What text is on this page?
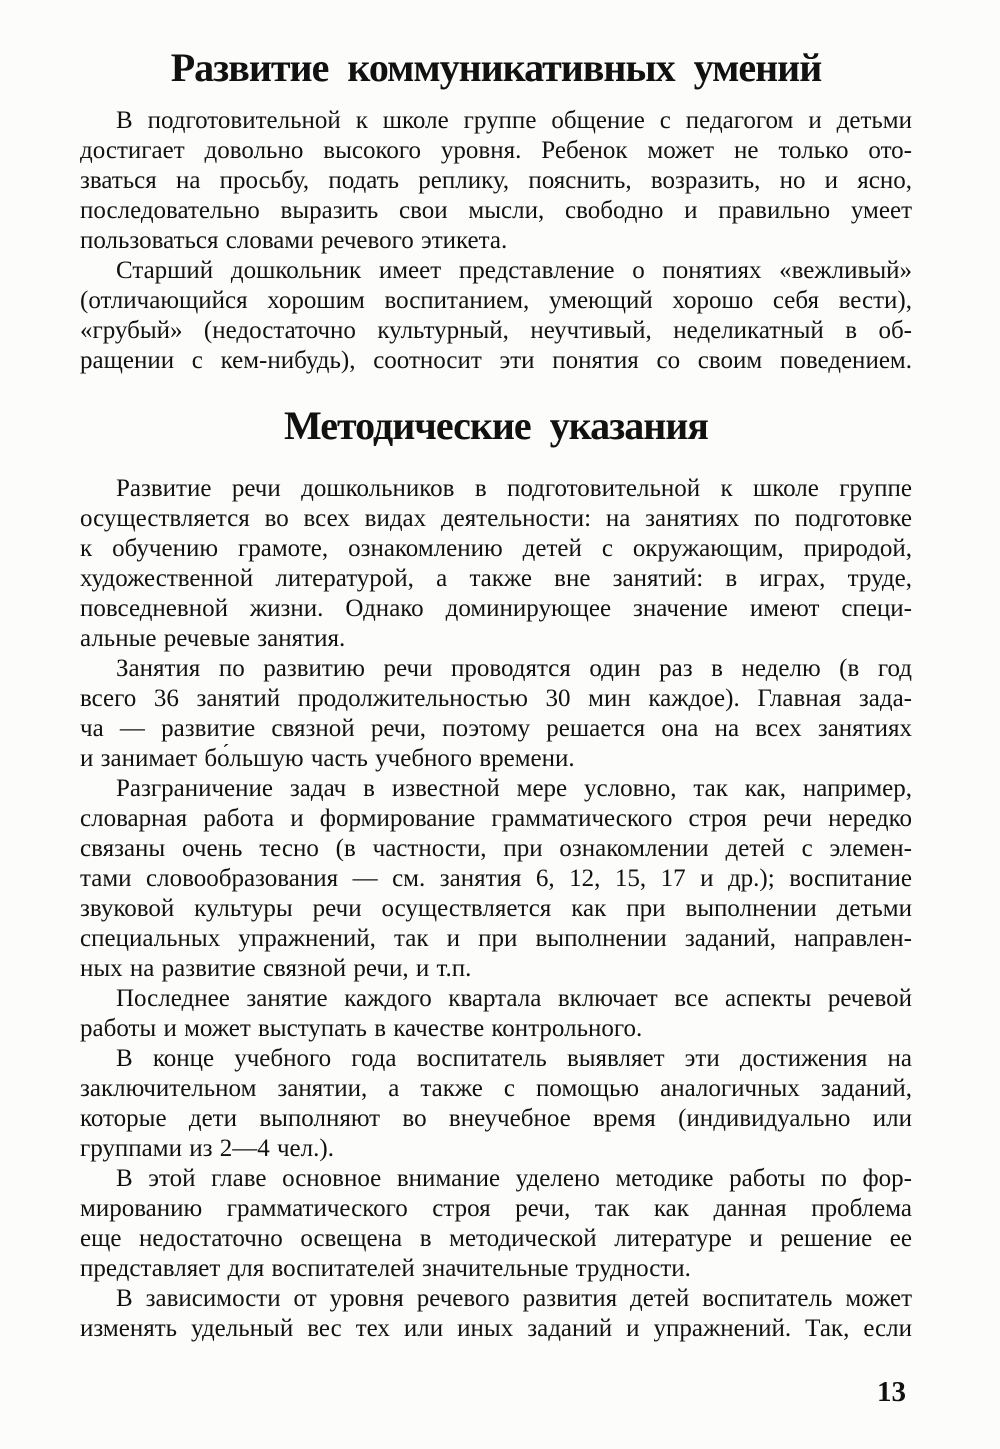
Развитие коммуникативных умений
В подготовительной к школе группе общение с педагогом и детьми
достигает довольно высокого уровня. Ребенок может не только ото-
зваться на просьбу, подать реплику, пояснить, возразить, но и ясно,
последовательно выразить свои мысли, свободно и правильно умеет
пользоваться словами речевого этикета.
Старший дошкольник имеет представление о понятиях «вежливый»
(отличающийся хорошим воспитанием, умеющий хорошо себя вести),
«грубый» (недостаточно культурный, неучтивый, неделикатный в об-
ращении с кем-нибудь), соотносит эти понятия со своим поведением.
Методические указания
Развитие речи дошкольников в подготовительной к школе группе
осуществляется во всех видах деятельности: на занятиях по подготовке
к обучению грамоте, ознакомлению детей с окружающим, природой,
художественной литературой, а также вне занятий: в играх, труде,
повседневной жизни. Однако доминирующее значение имеют специ-
альные речевые занятия.
Занятия по развитию речи проводятся один раз в неделю (в год
всего 36 занятий продолжительностью 30 мин каждое). Главная зада-
ча — развитие связной речи, поэтому решается она на всех занятиях
и занимает бо́льшую часть учебного времени.
Разграничение задач в известной мере условно, так как, например,
словарная работа и формирование грамматического строя речи нередко
связаны очень тесно (в частности, при ознакомлении детей с элемен-
тами словообразования — см. занятия 6, 12, 15, 17 и др.); воспитание
звуковой культуры речи осуществляется как при выполнении детьми
специальных упражнений, так и при выполнении заданий, направлен-
ных на развитие связной речи, и т.п.
Последнее занятие каждого квартала включает все аспекты речевой
работы и может выступать в качестве контрольного.
В конце учебного года воспитатель выявляет эти достижения на
заключительном занятии, а также с помощью аналогичных заданий,
которые дети выполняют во внеучебное время (индивидуально или
группами из 2—4 чел.).
В этой главе основное внимание уделено методике работы по фор-
мированию грамматического строя речи, так как данная проблема
еще недостаточно освещена в методической литературе и решение ее
представляет для воспитателей значительные трудности.
В зависимости от уровня речевого развития детей воспитатель может
изменять удельный вес тех или иных заданий и упражнений. Так, если
13
